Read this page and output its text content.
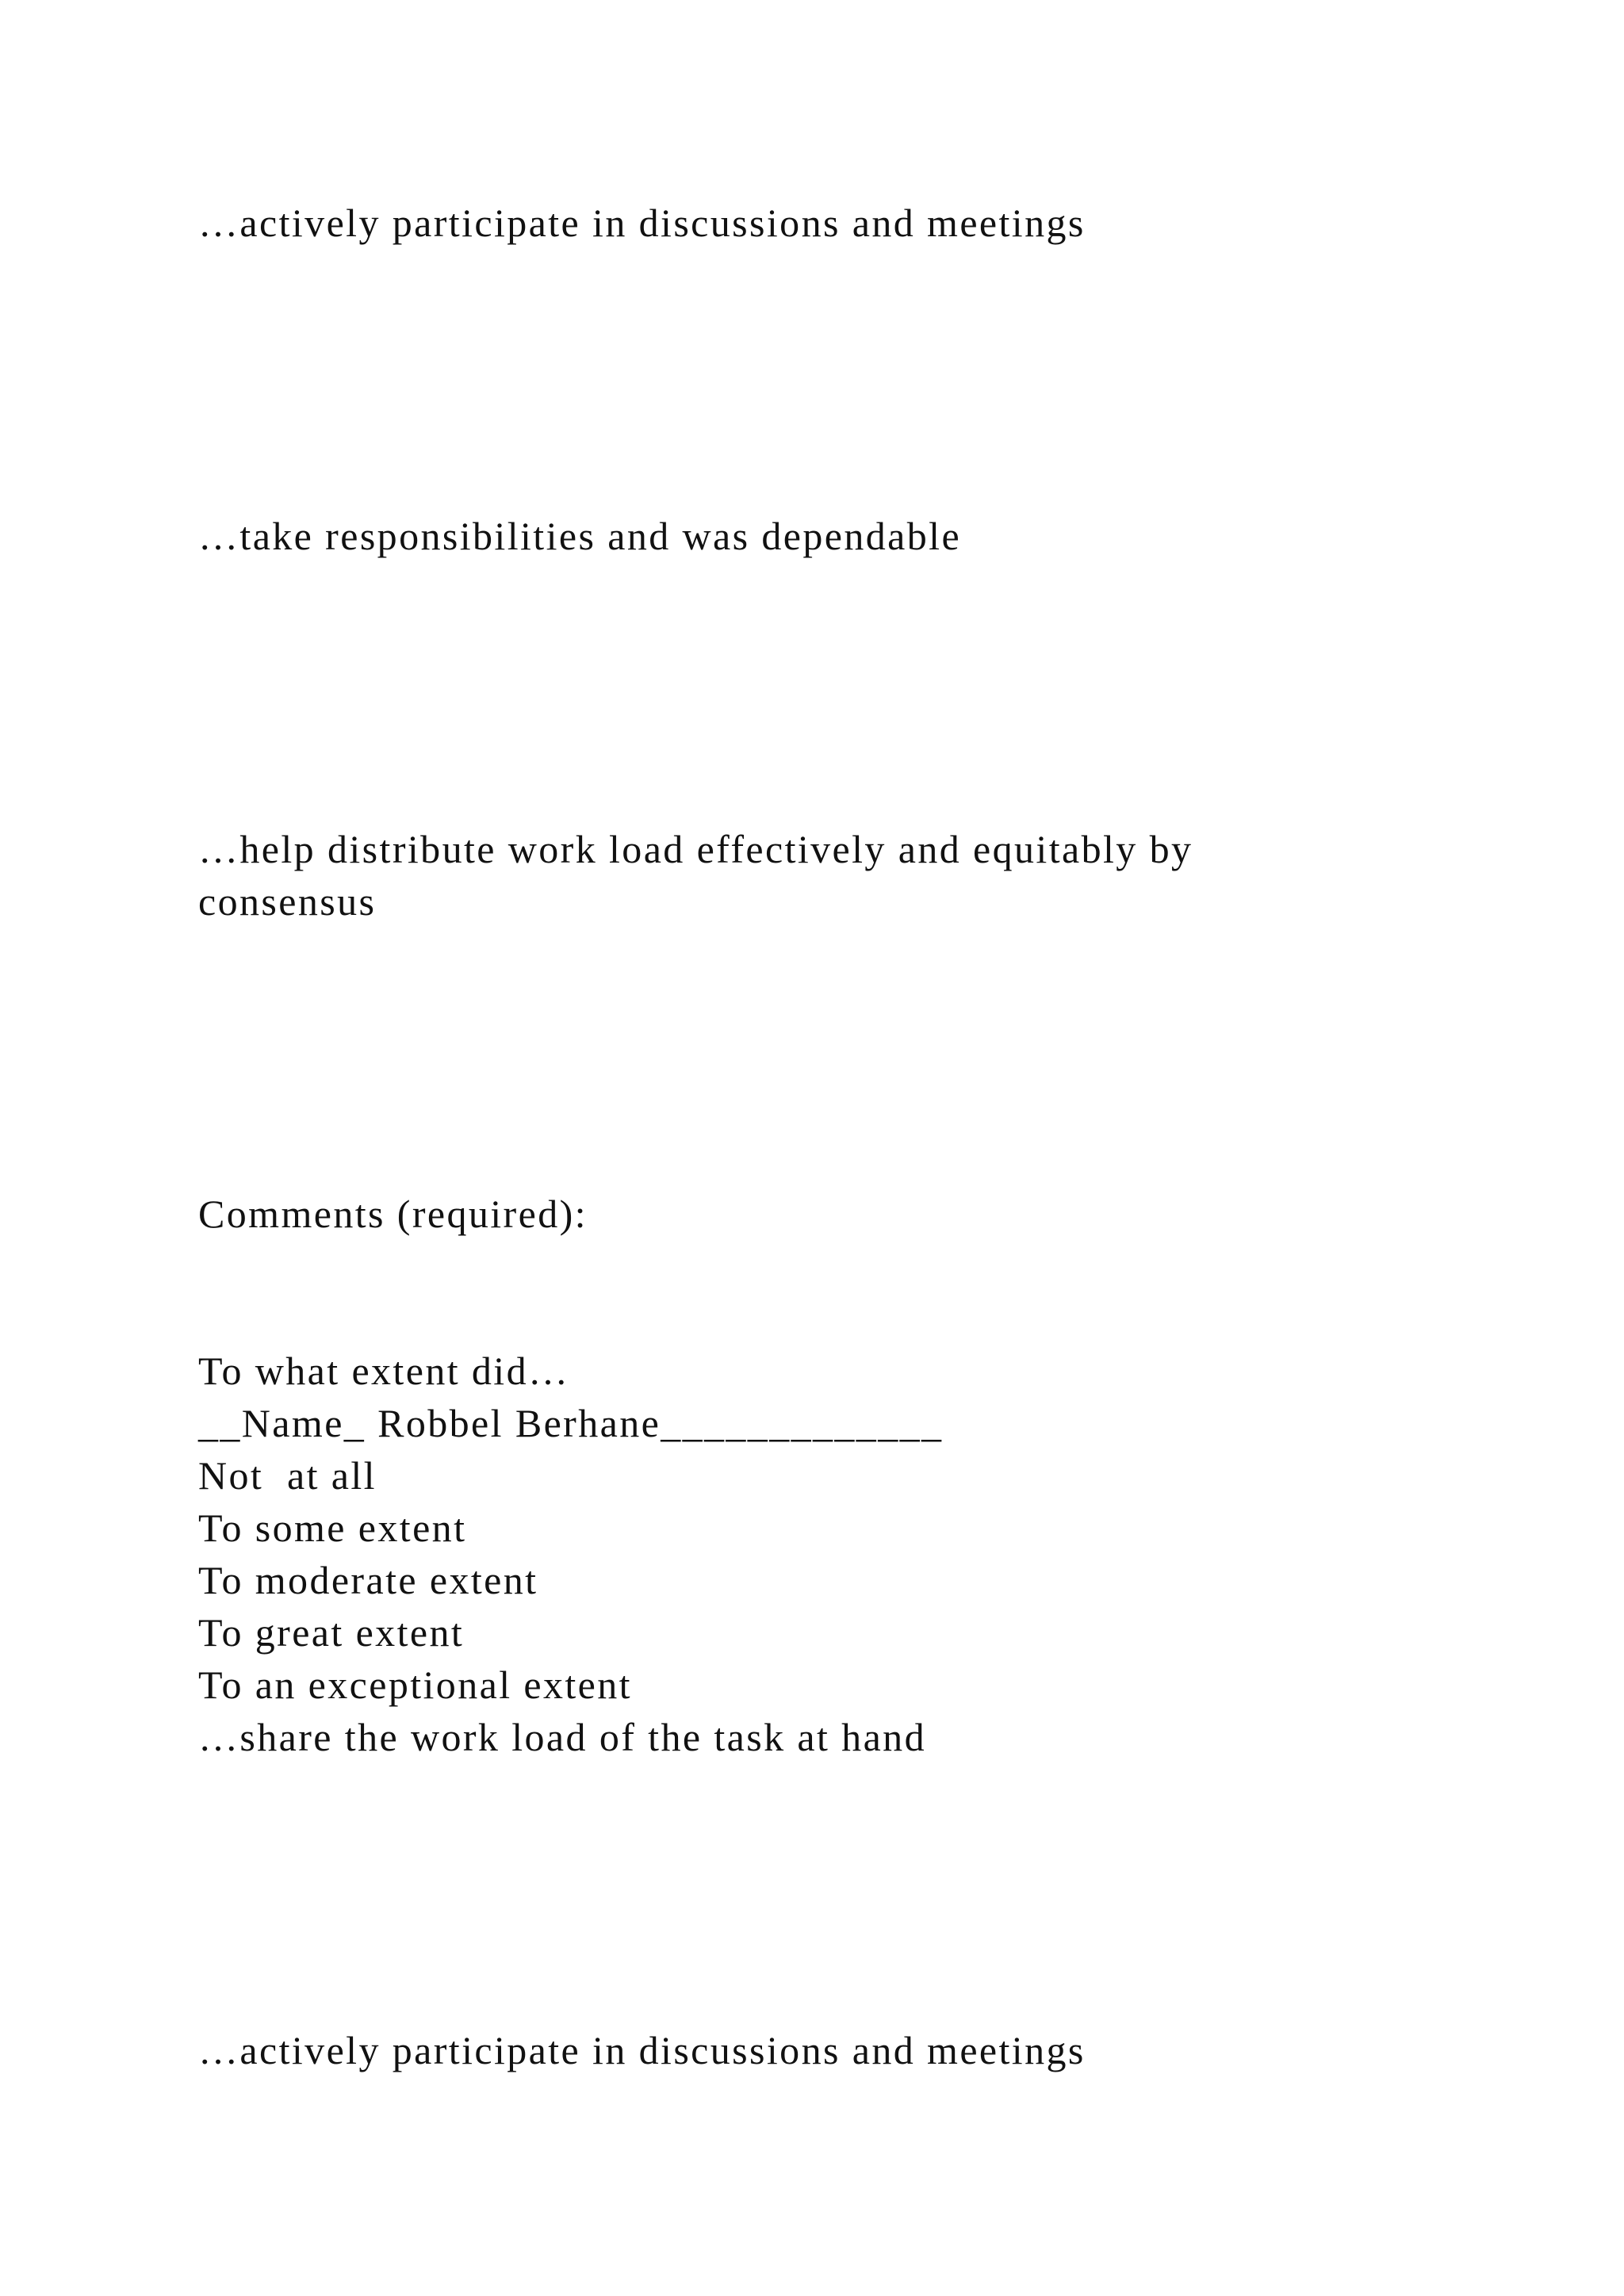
…actively participate in discussions and meetings

…take responsibilities and was dependable

…help distribute work load effectively and equitably by

consensus

Comments (required):

To what extent did…

__Name_ Robbel Berhane_____________

Not  at all

To some extent

To moderate extent

To great extent

To an exceptional extent

…share the work load of the task at hand

…actively participate in discussions and meetings
